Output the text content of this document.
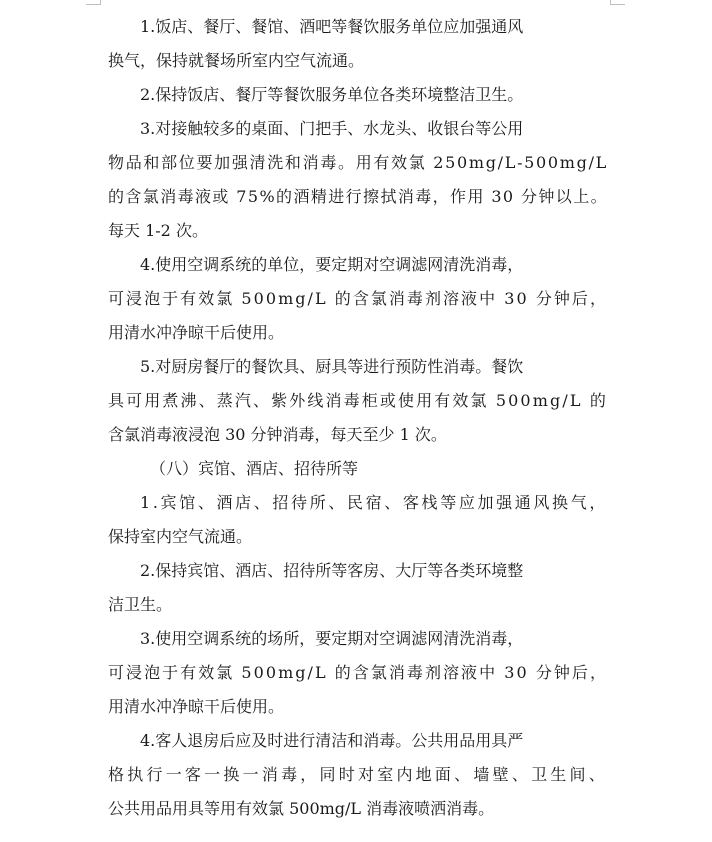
1.饭店、餐厅、餐馆、酒吧等餐饮服务单位应加强通风
换气，保持就餐场所室内空气流通。
2.保持饭店、餐厅等餐饮服务单位各类环境整洁卫生。
3.对接触较多的桌面、门把手、水龙头、收银台等公用
物品和部位要加强清洗和消毒。用有效氯 250mg/L-500mg/L
的含氯消毒液或 75%的酒精进行擦拭消毒，作用 30 分钟以上。
每天 1-2 次。
4.使用空调系统的单位，要定期对空调滤网清洗消毒，
可浸泡于有效氯 500mg/L 的含氯消毒剂溶液中 30 分钟后，
用清水冲净晾干后使用。
5.对厨房餐厅的餐饮具、厨具等进行预防性消毒。餐饮
具可用煮沸、蒸汽、紫外线消毒柜或使用有效氯 500mg/L 的
含氯消毒液浸泡 30 分钟消毒，每天至少 1 次。
（八）宾馆、酒店、招待所等
1.宾馆、酒店、招待所、民宿、客栈等应加强通风换气，
保持室内空气流通。
2.保持宾馆、酒店、招待所等客房、大厅等各类环境整
洁卫生。
3.使用空调系统的场所，要定期对空调滤网清洗消毒，
可浸泡于有效氯 500mg/L 的含氯消毒剂溶液中 30 分钟后，
用清水冲净晾干后使用。
4.客人退房后应及时进行清洁和消毒。公共用品用具严
格执行一客一换一消毒，同时对室内地面、墙壁、卫生间、
公共用品用具等用有效氯 500mg/L 消毒液喷洒消毒。
